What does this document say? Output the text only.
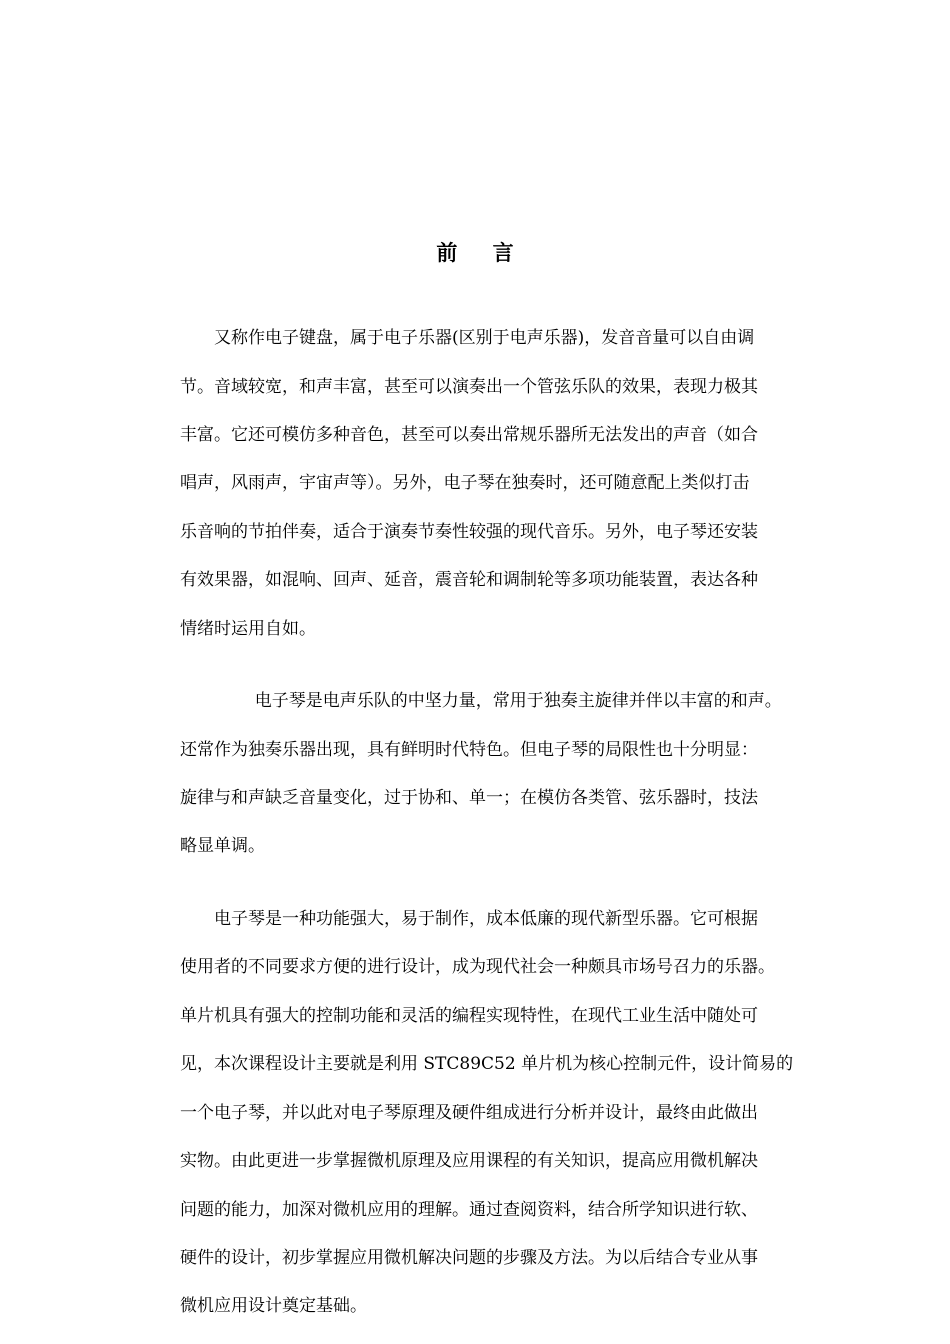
前 言

又称作电子键盘，属于电子乐器(区别于电声乐器)，发音音量可以自由调

节。音域较宽，和声丰富，甚至可以演奏出一个管弦乐队的效果，表现力极其

丰富。它还可模仿多种音色，甚至可以奏出常规乐器所无法发出的声音（如合

唱声，风雨声，宇宙声等）。另外，电子琴在独奏时，还可随意配上类似打击

乐音响的节拍伴奏，适合于演奏节奏性较强的现代音乐。另外，电子琴还安装

有效果器，如混响、回声、延音，震音轮和调制轮等多项功能装置，表达各种

情绪时运用自如。

电子琴是电声乐队的中坚力量，常用于独奏主旋律并伴以丰富的和声。

还常作为独奏乐器出现，具有鲜明时代特色。但电子琴的局限性也十分明显：

旋律与和声缺乏音量变化，过于协和、单一；在模仿各类管、弦乐器时，技法

略显单调。

电子琴是一种功能强大，易于制作，成本低廉的现代新型乐器。它可根据

使用者的不同要求方便的进行设计，成为现代社会一种颇具市场号召力的乐器。

单片机具有强大的控制功能和灵活的编程实现特性，在现代工业生活中随处可

见，本次课程设计主要就是利用 STC89C52 单片机为核心控制元件，设计简易的

一个电子琴，并以此对电子琴原理及硬件组成进行分析并设计，最终由此做出

实物。由此更进一步掌握微机原理及应用课程的有关知识，提高应用微机解决

问题的能力，加深对微机应用的理解。通过查阅资料，结合所学知识进行软、

硬件的设计，初步掌握应用微机解决问题的步骤及方法。为以后结合专业从事

微机应用设计奠定基础。
